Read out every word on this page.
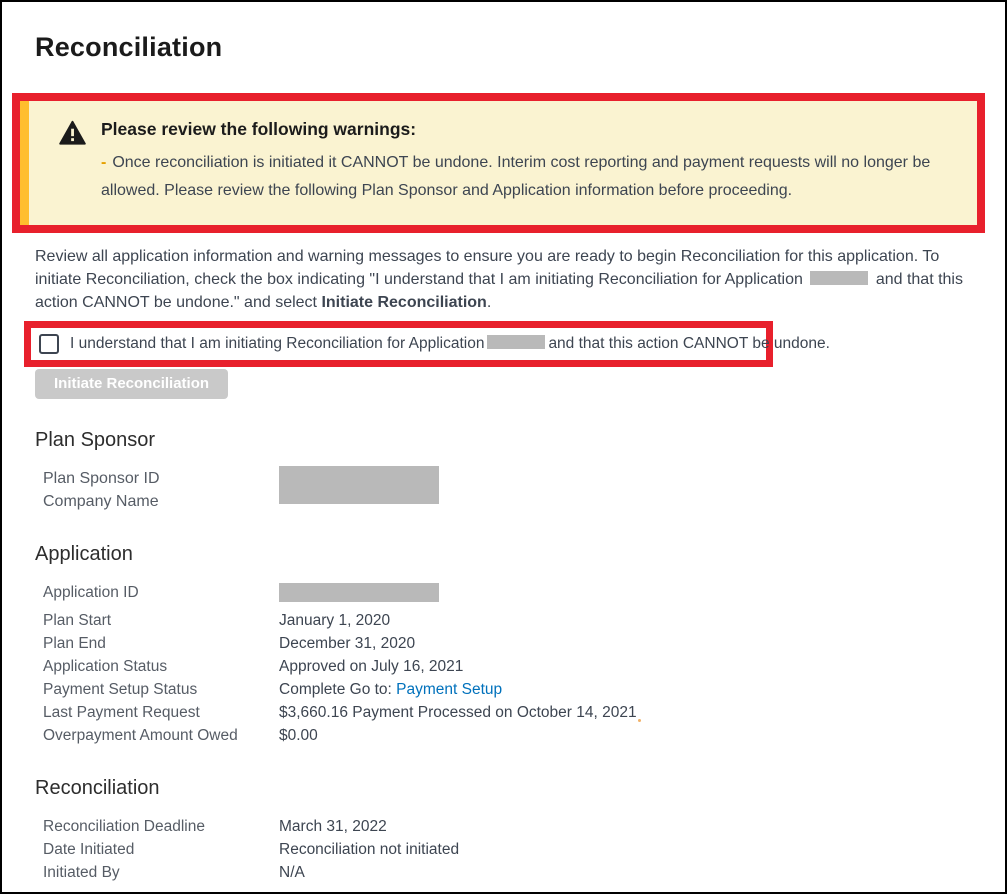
Reconciliation

Please review the following warnings:

- Once reconciliation is initiated it CANNOT be undone. Interim cost reporting and payment requests will no longer be allowed. Please review the following Plan Sponsor and Application information before proceeding.

Review all application information and warning messages to ensure you are ready to begin Reconciliation for this application. To initiate Reconciliation, check the box indicating "I understand that I am initiating Reconciliation for Application	and that this action CANNOT be undone." and select Initiate Reconciliation.

I understand that I am initiating Reconciliation for Application	and that this action CANNOT be undone.
Initiate Reconciliation
Plan Sponsor
Plan Sponsor ID
Company Name
Application
Application ID
Plan Start	January 1, 2020
Plan End	December 31, 2020
Application Status	Approved on July 16, 2021
Payment Setup Status	Complete Go to: Payment Setup
Last Payment Request	$3,660.16 Payment Processed on October 14, 2021
Overpayment Amount Owed	$0.00
Reconciliation
Reconciliation Deadline	March 31, 2022
Date Initiated	Reconciliation not initiated
Initiated By	N/A
